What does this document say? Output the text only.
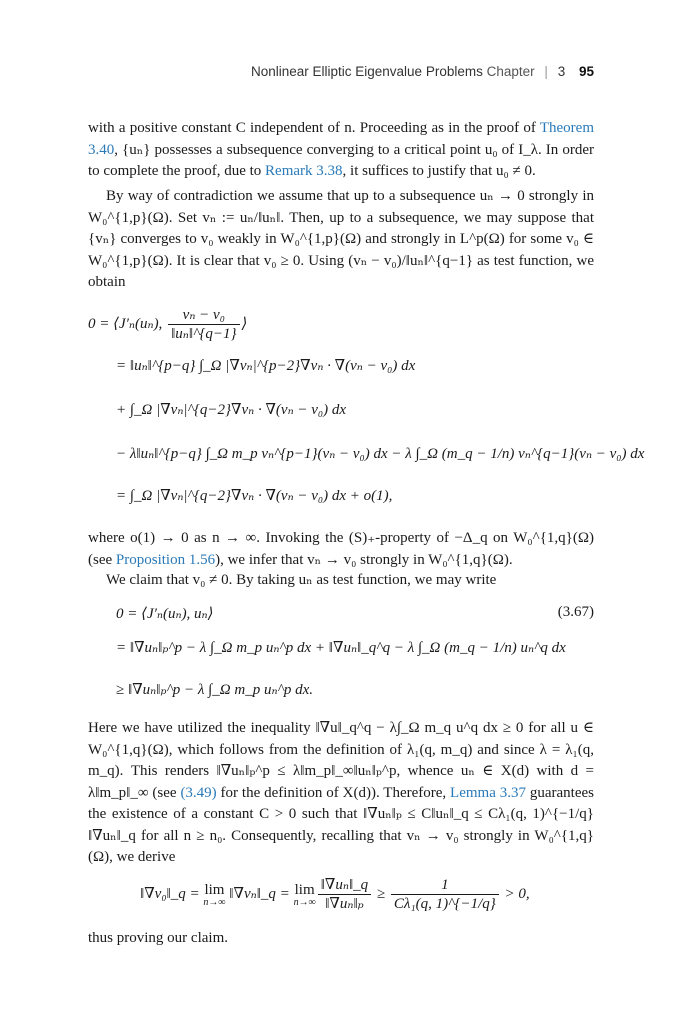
Nonlinear Elliptic Eigenvalue Problems Chapter | 3 95
with a positive constant C independent of n. Proceeding as in the proof of Theorem 3.40, {uₙ} possesses a subsequence converging to a critical point u₀ of I_λ. In order to complete the proof, due to Remark 3.38, it suffices to justify that u₀ ≠ 0.
By way of contradiction we assume that up to a subsequence uₙ → 0 strongly in W₀^{1,p}(Ω). Set vₙ := uₙ/‖uₙ‖. Then, up to a subsequence, we may suppose that {vₙ} converges to v₀ weakly in W₀^{1,p}(Ω) and strongly in L^p(Ω) for some v₀ ∈ W₀^{1,p}(Ω). It is clear that v₀ ≥ 0. Using (vₙ − v₀)/‖uₙ‖^{q−1} as test function, we obtain
0 = ⟨J′ₙ(uₙ), $\frac{\text{vₙ − v₀}}{\text{‖uₙ‖\textasciicircum{}\{q−1\}}}$ ⟩
= ‖uₙ‖^{p−q} ∫_Ω |∇vₙ|^{p−2}∇vₙ · ∇(vₙ − v₀) dx
+ ∫_Ω |∇vₙ|^{q−2}∇vₙ · ∇(vₙ − v₀) dx
− λ‖uₙ‖^{p−q} ∫_Ω m_p vₙ^{p−1}(vₙ − v₀) dx − λ ∫_Ω (m_q − 1/n) vₙ^{q−1}(vₙ − v₀) dx
= ∫_Ω |∇vₙ|^{q−2}∇vₙ · ∇(vₙ − v₀) dx + o(1),
where o(1) → 0 as n → ∞. Invoking the (S)₊-property of −Δ_q on W₀^{1,q}(Ω) (see Proposition 1.56), we infer that vₙ → v₀ strongly in W₀^{1,q}(Ω).
We claim that v₀ ≠ 0. By taking uₙ as test function, we may write
0 = ⟨J′ₙ(uₙ), uₙ⟩	(3.67)
= ‖∇uₙ‖ₚ^p − λ ∫_Ω m_p uₙ^p dx + ‖∇uₙ‖_q^q − λ ∫_Ω (m_q − 1/n) uₙ^q dx
≥ ‖∇uₙ‖ₚ^p − λ ∫_Ω m_p uₙ^p dx.
Here we have utilized the inequality ‖∇u‖_q^q − λ∫_Ω m_q u^q dx ≥ 0 for all u ∈ W₀^{1,q}(Ω), which follows from the definition of λ₁(q, m_q) and since λ = λ₁(q, m_q). This renders ‖∇uₙ‖ₚ^p ≤ λ‖m_p‖_∞‖uₙ‖ₚ^p, whence uₙ ∈ X(d) with d = λ‖m_p‖_∞ (see (3.49) for the definition of X(d)). Therefore, Lemma 3.37 guarantees the existence of a constant C > 0 such that ‖∇uₙ‖ₚ ≤ C‖uₙ‖_q ≤ Cλ₁(q, 1)^{−1/q}‖∇uₙ‖_q for all n ≥ n₀. Consequently, recalling that vₙ → v₀ strongly in W₀^{1,q}(Ω), we derive
‖∇v₀‖_q = lim
n→∞
‖∇vₙ‖_q = lim
$n\to\infty \frac{\text{‖∇uₙ‖\_q}}{\text{‖∇uₙ‖ₚ}} \ge \frac{1}{\text{Cλ₁(q, 1)\textasciicircum{}\{−1/q\}}} > 0$,
thus proving our claim.
